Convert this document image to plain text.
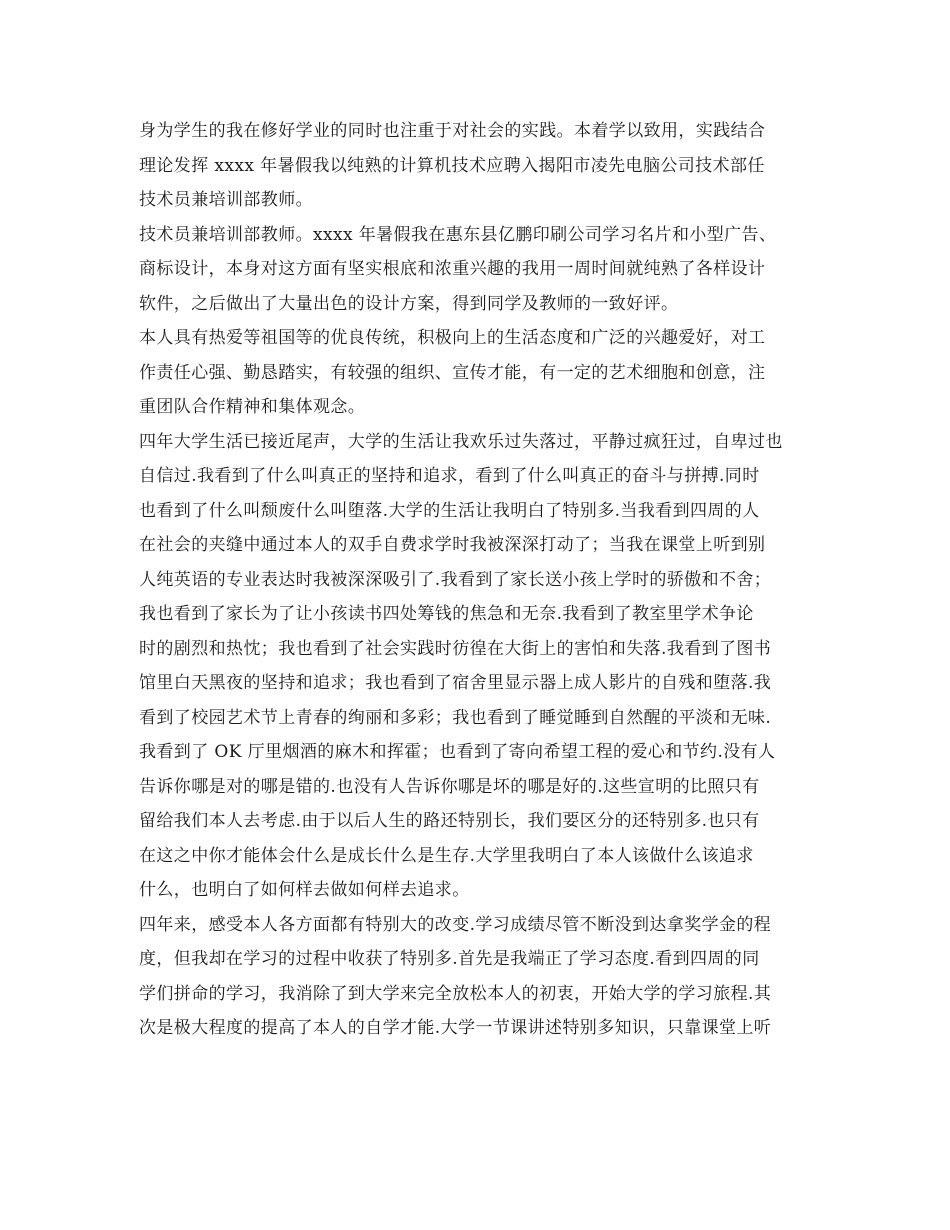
身为学生的我在修好学业的同时也注重于对社会的实践。本着学以致用，实践结合
理论发挥 xxxx 年暑假我以纯熟的计算机技术应聘入揭阳市凌先电脑公司技术部任
技术员兼培训部教师。
技术员兼培训部教师。xxxx 年暑假我在惠东县亿鹏印刷公司学习名片和小型广告、
商标设计，本身对这方面有坚实根底和浓重兴趣的我用一周时间就纯熟了各样设计
软件，之后做出了大量出色的设计方案，得到同学及教师的一致好评。
本人具有热爱等祖国等的优良传统，积极向上的生活态度和广泛的兴趣爱好，对工
作责任心强、勤恳踏实，有较强的组织、宣传才能，有一定的艺术细胞和创意，注
重团队合作精神和集体观念。
四年大学生活已接近尾声，大学的生活让我欢乐过失落过，平静过疯狂过，自卑过也
自信过.我看到了什么叫真正的坚持和追求，看到了什么叫真正的奋斗与拼搏.同时
也看到了什么叫颓废什么叫堕落.大学的生活让我明白了特别多.当我看到四周的人
在社会的夹缝中通过本人的双手自费求学时我被深深打动了；当我在课堂上听到别
人纯英语的专业表达时我被深深吸引了.我看到了家长送小孩上学时的骄傲和不舍；
我也看到了家长为了让小孩读书四处筹钱的焦急和无奈.我看到了教室里学术争论
时的剧烈和热忱；我也看到了社会实践时彷徨在大街上的害怕和失落.我看到了图书
馆里白天黑夜的坚持和追求；我也看到了宿舍里显示器上成人影片的自残和堕落.我
看到了校园艺术节上青春的绚丽和多彩；我也看到了睡觉睡到自然醒的平淡和无味.
我看到了 OK 厅里烟酒的麻木和挥霍；也看到了寄向希望工程的爱心和节约.没有人
告诉你哪是对的哪是错的.也没有人告诉你哪是坏的哪是好的.这些宣明的比照只有
留给我们本人去考虑.由于以后人生的路还特别长，我们要区分的还特别多.也只有
在这之中你才能体会什么是成长什么是生存.大学里我明白了本人该做什么该追求
什么，也明白了如何样去做如何样去追求。
四年来，感受本人各方面都有特别大的改变.学习成绩尽管不断没到达拿奖学金的程
度，但我却在学习的过程中收获了特别多.首先是我端正了学习态度.看到四周的同
学们拼命的学习，我消除了到大学来完全放松本人的初衷，开始大学的学习旅程.其
次是极大程度的提高了本人的自学才能.大学一节课讲述特别多知识，只靠课堂上听
